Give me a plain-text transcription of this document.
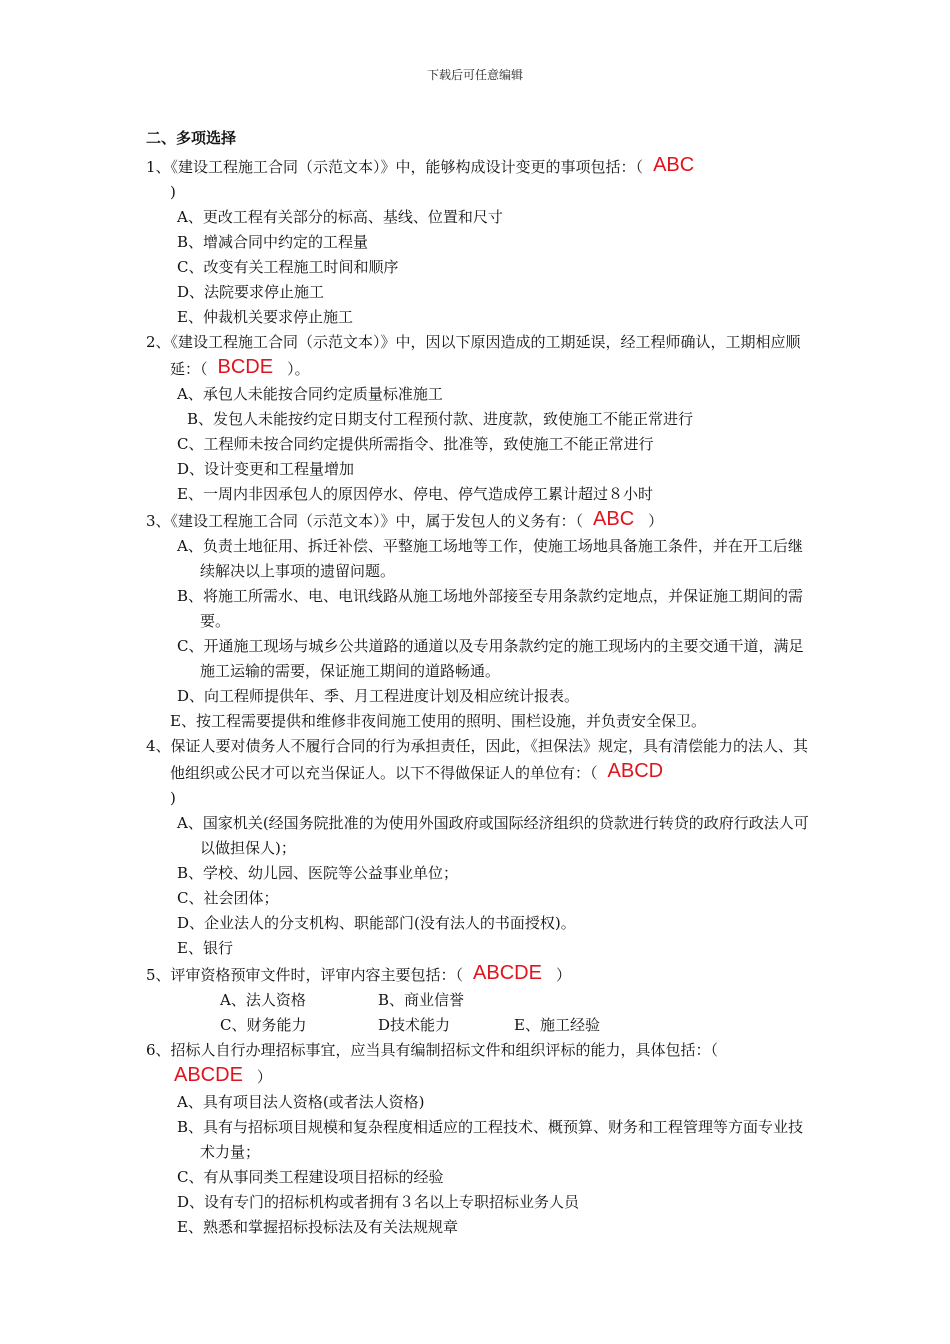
下载后可任意编辑
二、多项选择
1、《建设工程施工合同（示范文本）》中，能够构成设计变更的事项包括：（ ABC
)
A、更改工程有关部分的标高、基线、位置和尺寸
B、增减合同中约定的工程量
C、改变有关工程施工时间和顺序
D、法院要求停止施工
E、仲裁机关要求停止施工
2、《建设工程施工合同（示范文本）》中，因以下原因造成的工期延误，经工程师确认，工期相应顺延：（ BCDE ）。
A、承包人未能按合同约定质量标准施工
B、发包人未能按约定日期支付工程预付款、进度款，致使施工不能正常进行
C、工程师未按合同约定提供所需指令、批准等，致使施工不能正常进行
D、设计变更和工程量增加
E、一周内非因承包人的原因停水、停电、停气造成停工累计超过８小时
3、《建设工程施工合同（示范文本）》中，属于发包人的义务有：（ ABC ）
A、负责土地征用、拆迁补偿、平整施工场地等工作，使施工场地具备施工条件，并在开工后继续解决以上事项的遗留问题。
B、将施工所需水、电、电讯线路从施工场地外部接至专用条款约定地点，并保证施工期间的需要。
C、开通施工现场与城乡公共道路的通道以及专用条款约定的施工现场内的主要交通干道，满足施工运输的需要，保证施工期间的道路畅通。
D、向工程师提供年、季、月工程进度计划及相应统计报表。
E、按工程需要提供和维修非夜间施工使用的照明、围栏设施，并负责安全保卫。
4、保证人要对债务人不履行合同的行为承担责任，因此，《担保法》规定，具有清偿能力的法人、其他组织或公民才可以充当保证人。以下不得做保证人的单位有：（ ABCD
)
A、国家机关(经国务院批准的为使用外国政府或国际经济组织的贷款进行转贷的政府行政法人可以做担保人)；
B、学校、幼儿园、医院等公益事业单位；
C、社会团体；
D、企业法人的分支机构、职能部门(没有法人的书面授权)。
E、银行
5、评审资格预审文件时，评审内容主要包括：（ ABCDE ）
A、法人资格	B、商业信誉
C、财务能力	D技术能力	E、施工经验
6、招标人自行办理招标事宜，应当具有编制招标文件和组织评标的能力，具体包括：（
ABCDE ）
A、具有项目法人资格(或者法人资格)
B、具有与招标项目规模和复杂程度相适应的工程技术、概预算、财务和工程管理等方面专业技术力量；
C、有从事同类工程建设项目招标的经验
D、设有专门的招标机构或者拥有３名以上专职招标业务人员
E、熟悉和掌握招标投标法及有关法规规章
